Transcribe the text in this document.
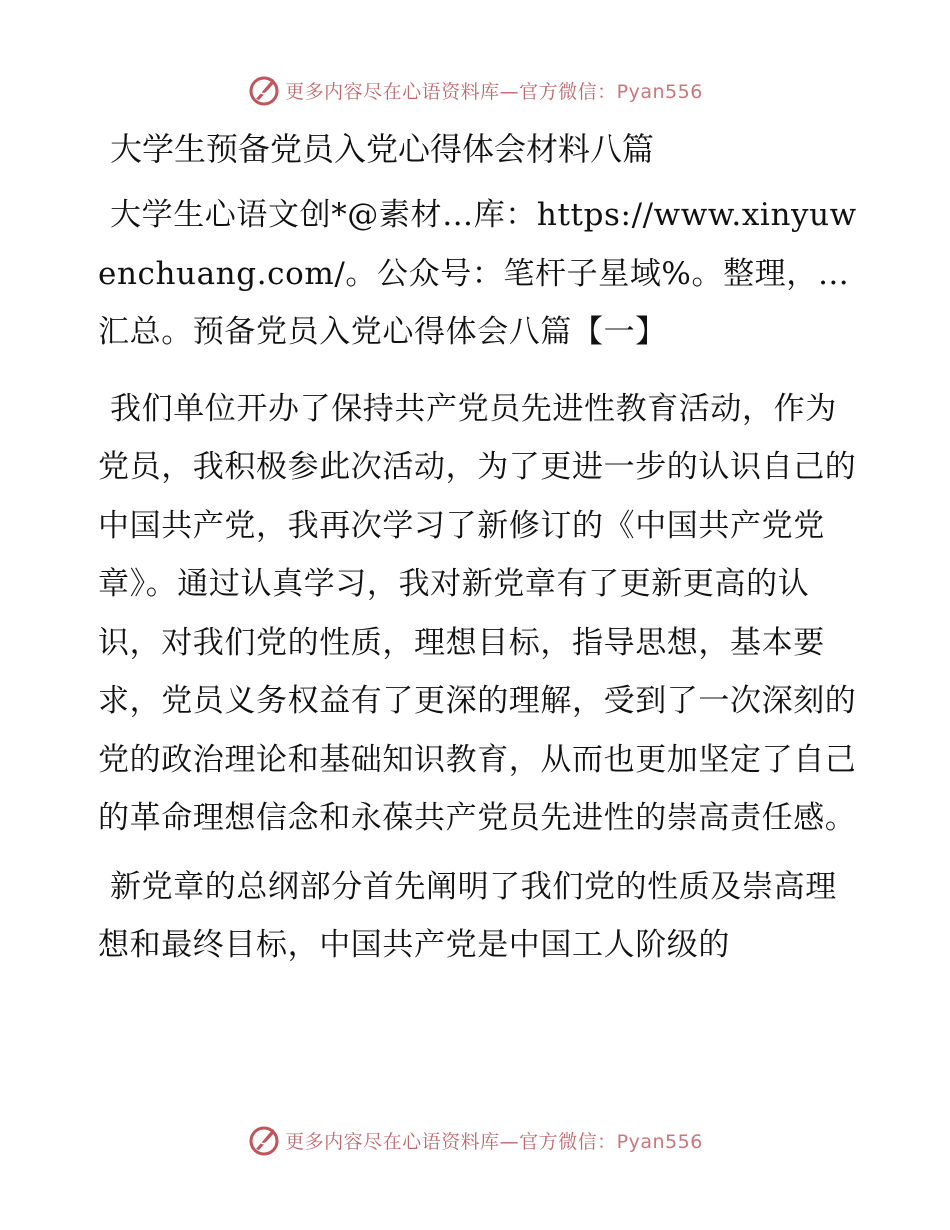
更多内容尽在心语资料库—官方微信：Pyan556
大学生预备党员入党心得体会材料八篇

大学生心语文创*@素材…库：https://www.xinyuwenchuang.com/。公众号：笔杆子星域%。整理，…汇总。预备党员入党心得体会八篇【一】

我们单位开办了保持共产党员先进性教育活动，作为党员，我积极参此次活动，为了更进一步的认识自己的中国共产党，我再次学习了新修订的《中国共产党党章》。通过认真学习，我对新党章有了更新更高的认识，对我们党的性质，理想目标，指导思想，基本要求，党员义务权益有了更深的理解，受到了一次深刻的党的政治理论和基础知识教育，从而也更加坚定了自己的革命理想信念和永葆共产党员先进性的崇高责任感。

新党章的总纲部分首先阐明了我们党的性质及崇高理想和最终目标，中国共产党是中国工人阶级的

更多内容尽在心语资料库—官方微信：Pyan556
